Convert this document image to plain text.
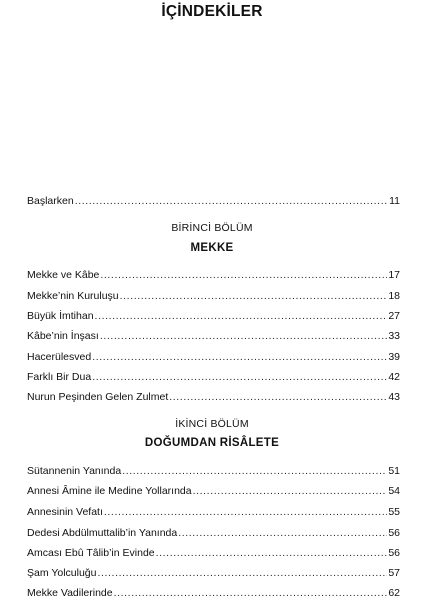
İÇİNDEKİLER
Başlarken .....	11
BİRİNCİ BÖLÜM
MEKKE
Mekke ve Kâbe .....	17
Mekke’nin Kuruluşu .....	18
Büyük İmtihan .....	27
Kâbe’nin İnşası .....	33
Hacerülesved .....	39
Farklı Bir Dua .....	42
Nurun Peşinden Gelen Zulmet .....	43
İKİNCİ BÖLÜM
DOĞUMDAN RİSÂLETE
Sütannenin Yanında .....	51
Annesi Âmine ile Medine Yollarında .....	54
Annesinin Vefatı .....	55
Dedesi Abdülmuttalib’in Yanında .....	56
Amcası Ebû Tâlib’in Evinde .....	56
Şam Yolculuğu .....	57
Mekke Vadilerinde .....	62
